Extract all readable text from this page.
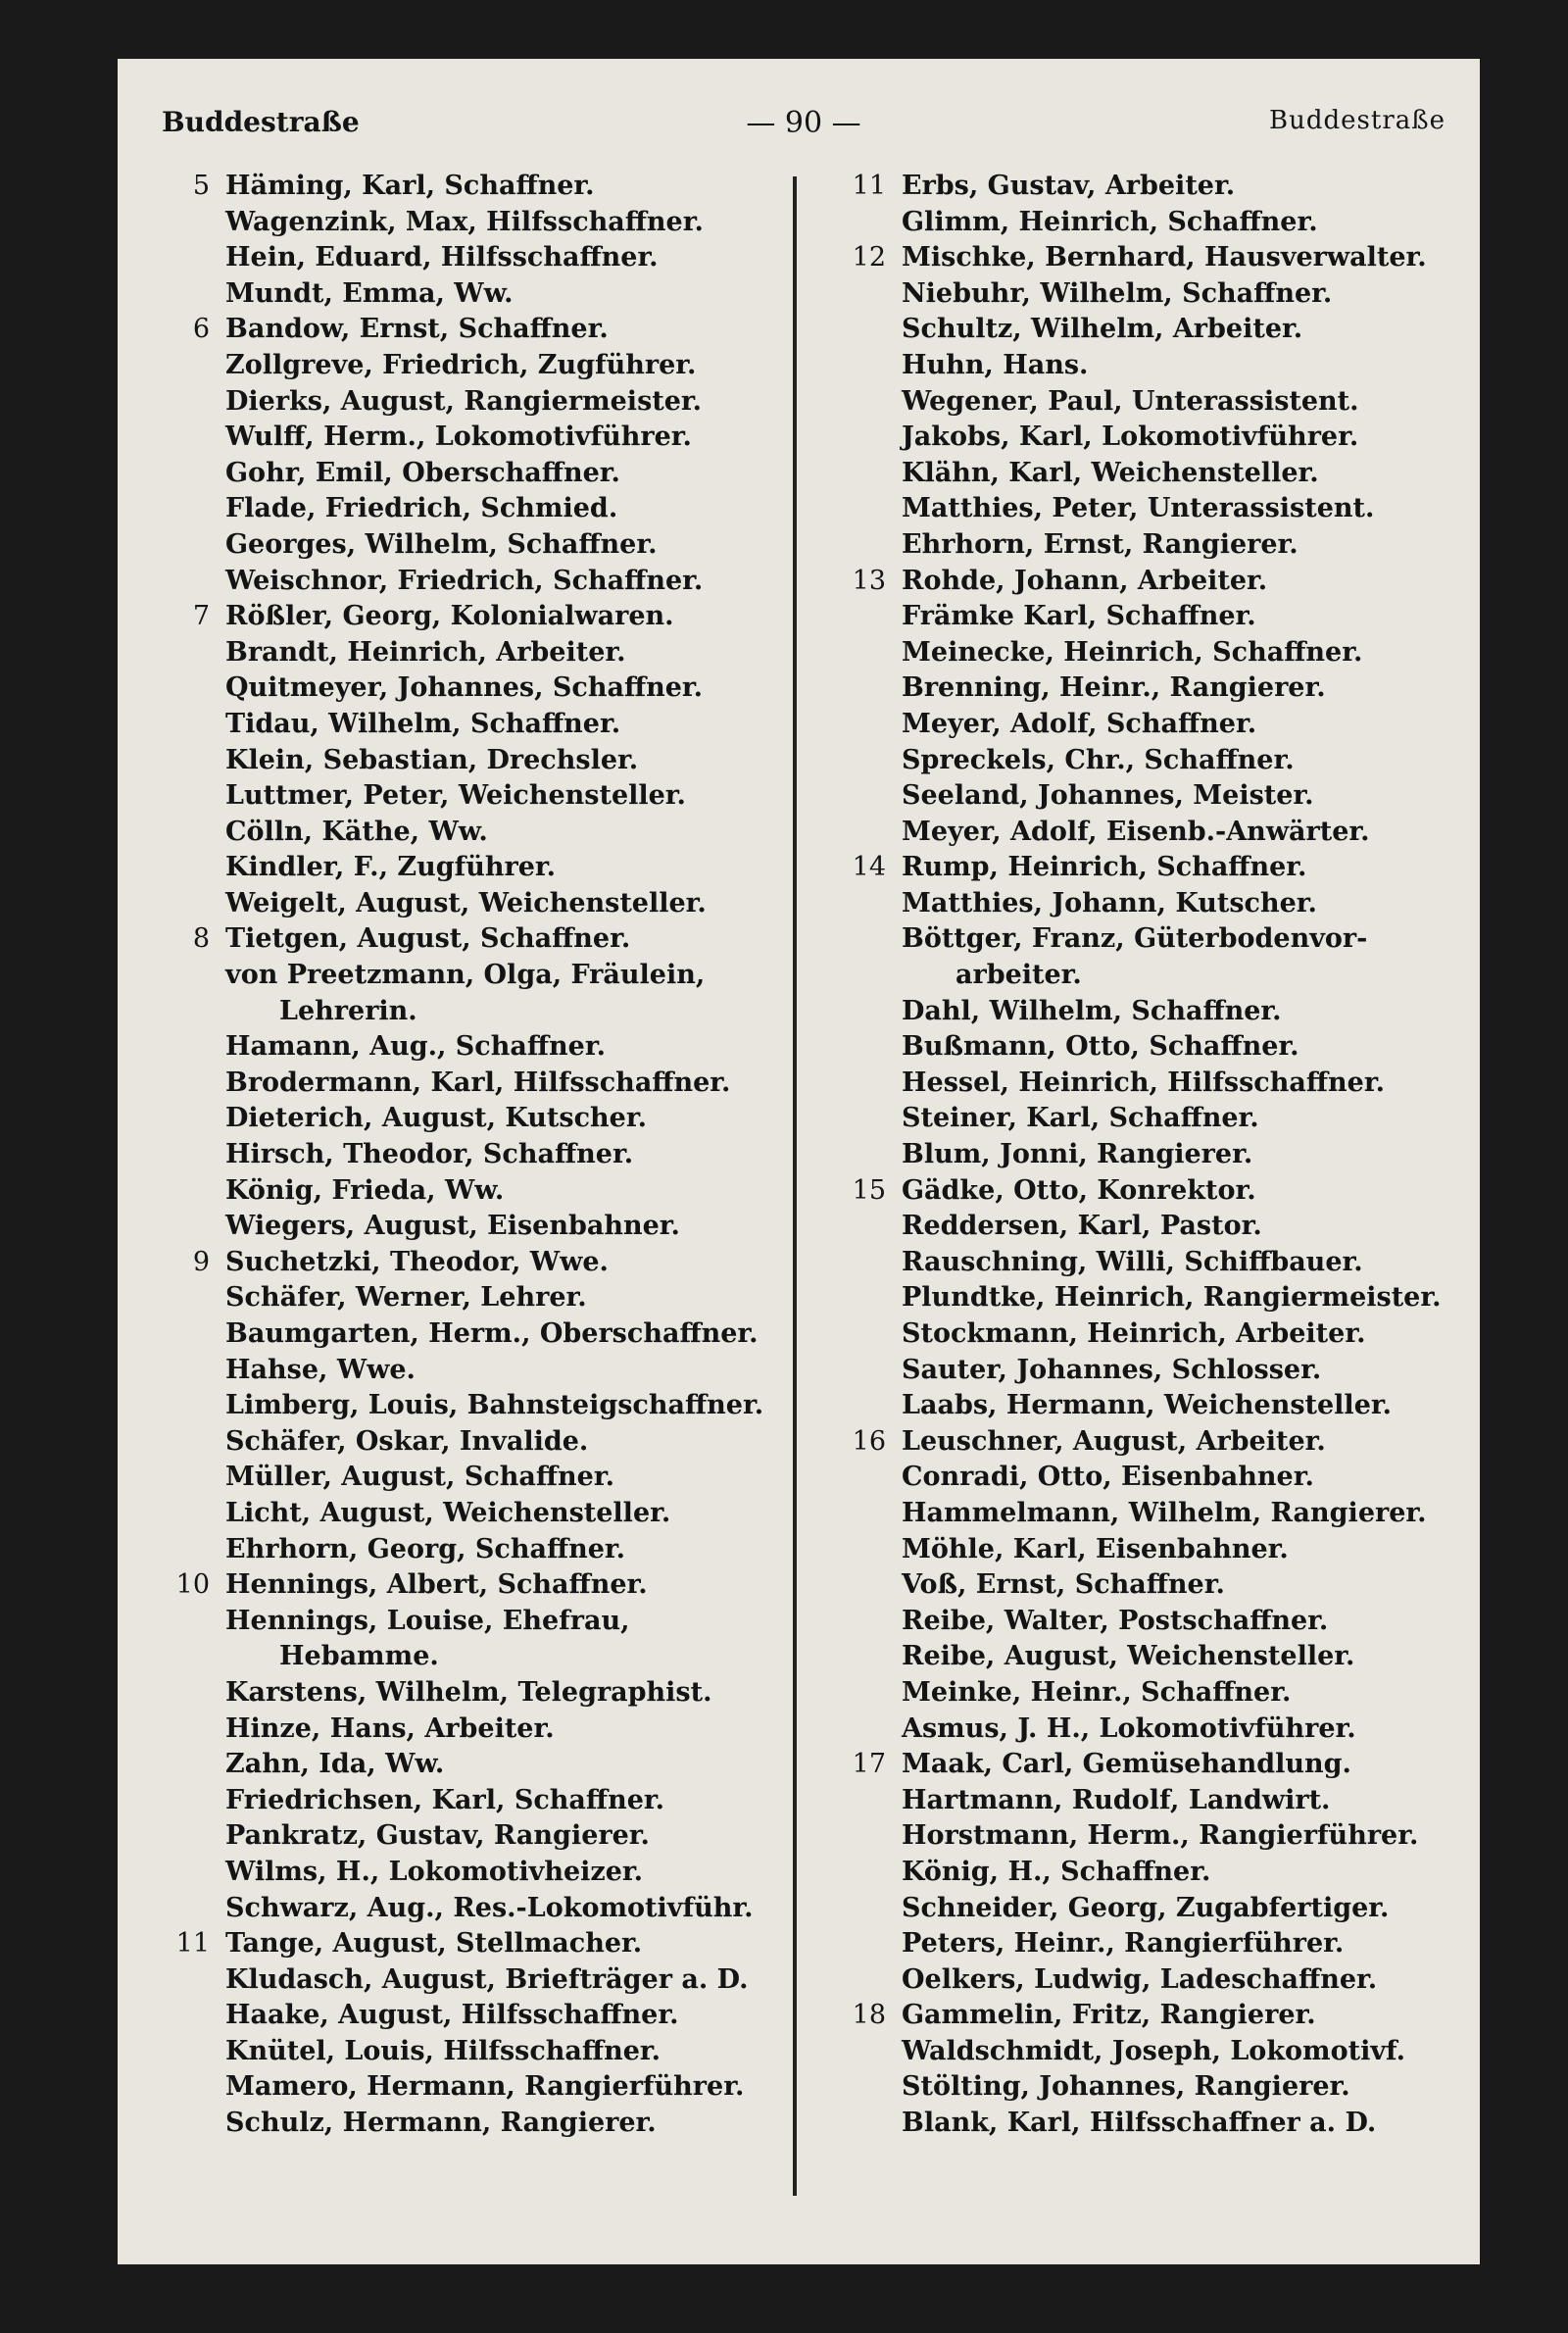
Buddestraße	— 90 —	Buddestraße
5 Häming, Karl, Schaffner.
Wagenzink, Max, Hilfsschaffner.
Hein, Eduard, Hilfsschaffner.
Mundt, Emma, Ww.
6 Bandow, Ernst, Schaffner.
Zollgreve, Friedrich, Zugführer.
Dierks, August, Rangiermeister.
Wulff, Herm., Lokomotivführer.
Gohr, Emil, Oberschaffner.
Flade, Friedrich, Schmied.
Georges, Wilhelm, Schaffner.
Weischnor, Friedrich, Schaffner.
7 Rößler, Georg, Kolonialwaren.
Brandt, Heinrich, Arbeiter.
Quitmeyer, Johannes, Schaffner.
Tidau, Wilhelm, Schaffner.
Klein, Sebastian, Drechsler.
Luttmer, Peter, Weichensteller.
Cölln, Käthe, Ww.
Kindler, F., Zugführer.
Weigelt, August, Weichensteller.
8 Tietgen, August, Schaffner.
von Preetzmann, Olga, Fräulein,
Lehrerin.
Hamann, Aug., Schaffner.
Brodermann, Karl, Hilfsschaffner.
Dieterich, August, Kutscher.
Hirsch, Theodor, Schaffner.
König, Frieda, Ww.
Wiegers, August, Eisenbahner.
9 Suchetzki, Theodor, Wwe.
Schäfer, Werner, Lehrer.
Baumgarten, Herm., Oberschaffner.
Hahse, Wwe.
Limberg, Louis, Bahnsteigschaffner.
Schäfer, Oskar, Invalide.
Müller, August, Schaffner.
Licht, August, Weichensteller.
Ehrhorn, Georg, Schaffner.
10 Hennings, Albert, Schaffner.
Hennings, Louise, Ehefrau,
Hebamme.
Karstens, Wilhelm, Telegraphist.
Hinze, Hans, Arbeiter.
Zahn, Ida, Ww.
Friedrichsen, Karl, Schaffner.
Pankratz, Gustav, Rangierer.
Wilms, H., Lokomotivheizer.
Schwarz, Aug., Res.-Lokomotivführ.
11 Tange, August, Stellmacher.
Kludasch, August, Briefträger a. D.
Haake, August, Hilfsschaffner.
Knütel, Louis, Hilfsschaffner.
Mamero, Hermann, Rangierführer.
Schulz, Hermann, Rangierer.
11 Erbs, Gustav, Arbeiter.
Glimm, Heinrich, Schaffner.
12 Mischke, Bernhard, Hausverwalter.
Niebuhr, Wilhelm, Schaffner.
Schultz, Wilhelm, Arbeiter.
Huhn, Hans.
Wegener, Paul, Unterassistent.
Jakobs, Karl, Lokomotivführer.
Klähn, Karl, Weichensteller.
Matthies, Peter, Unterassistent.
Ehrhorn, Ernst, Rangierer.
13 Rohde, Johann, Arbeiter.
Främke Karl, Schaffner.
Meinecke, Heinrich, Schaffner.
Brenning, Heinr., Rangierer.
Meyer, Adolf, Schaffner.
Spreckels, Chr., Schaffner.
Seeland, Johannes, Meister.
Meyer, Adolf, Eisenb.-Anwärter.
14 Rump, Heinrich, Schaffner.
Matthies, Johann, Kutscher.
Böttger, Franz, Güterbodenvor-
arbeiter.
Dahl, Wilhelm, Schaffner.
Bußmann, Otto, Schaffner.
Hessel, Heinrich, Hilfsschaffner.
Steiner, Karl, Schaffner.
Blum, Jonni, Rangierer.
15 Gädke, Otto, Konrektor.
Reddersen, Karl, Pastor.
Rauschning, Willi, Schiffbauer.
Plundtke, Heinrich, Rangiermeister.
Stockmann, Heinrich, Arbeiter.
Sauter, Johannes, Schlosser.
Laabs, Hermann, Weichensteller.
16 Leuschner, August, Arbeiter.
Conradi, Otto, Eisenbahner.
Hammelmann, Wilhelm, Rangierer.
Möhle, Karl, Eisenbahner.
Voß, Ernst, Schaffner.
Reibe, Walter, Postschaffner.
Reibe, August, Weichensteller.
Meinke, Heinr., Schaffner.
Asmus, J. H., Lokomotivführer.
17 Maak, Carl, Gemüsehandlung.
Hartmann, Rudolf, Landwirt.
Horstmann, Herm., Rangierführer.
König, H., Schaffner.
Schneider, Georg, Zugabfertiger.
Peters, Heinr., Rangierführer.
Oelkers, Ludwig, Ladeschaffner.
18 Gammelin, Fritz, Rangierer.
Waldschmidt, Joseph, Lokomotivf.
Stölting, Johannes, Rangierer.
Blank, Karl, Hilfsschaffner a. D.
